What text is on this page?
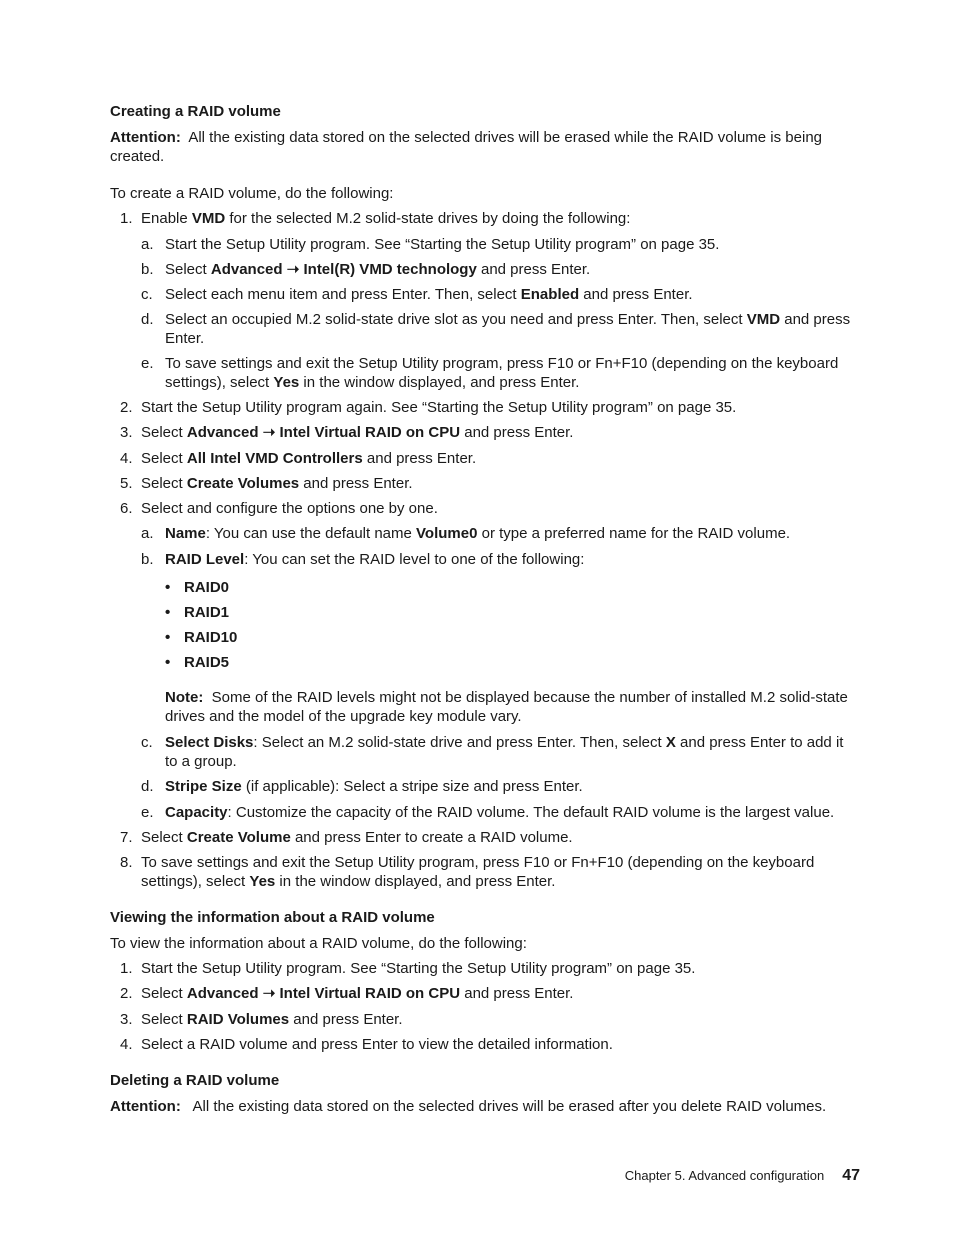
Creating a RAID volume

Attention: All the existing data stored on the selected drives will be erased while the RAID volume is being created.

To create a RAID volume, do the following:

1. Enable VMD for the selected M.2 solid-state drives by doing the following:
a. Start the Setup Utility program. See “Starting the Setup Utility program” on page 35.
b. Select Advanced ➝ Intel(R) VMD technology and press Enter.
c. Select each menu item and press Enter. Then, select Enabled and press Enter.
d. Select an occupied M.2 solid-state drive slot as you need and press Enter. Then, select VMD and press Enter.
e. To save settings and exit the Setup Utility program, press F10 or Fn+F10 (depending on the keyboard settings), select Yes in the window displayed, and press Enter.
2. Start the Setup Utility program again. See “Starting the Setup Utility program” on page 35.
3. Select Advanced ➝ Intel Virtual RAID on CPU and press Enter.
4. Select All Intel VMD Controllers and press Enter.
5. Select Create Volumes and press Enter.
6. Select and configure the options one by one.
a. Name: You can use the default name Volume0 or type a preferred name for the RAID volume.
b. RAID Level: You can set the RAID level to one of the following:
• RAID0
• RAID1
• RAID10
• RAID5

Note: Some of the RAID levels might not be displayed because the number of installed M.2 solid-state drives and the model of the upgrade key module vary.

c. Select Disks: Select an M.2 solid-state drive and press Enter. Then, select X and press Enter to add it to a group.
d. Stripe Size (if applicable): Select a stripe size and press Enter.
e. Capacity: Customize the capacity of the RAID volume. The default RAID volume is the largest value.
7. Select Create Volume and press Enter to create a RAID volume.
8. To save settings and exit the Setup Utility program, press F10 or Fn+F10 (depending on the keyboard settings), select Yes in the window displayed, and press Enter.
Viewing the information about a RAID volume

To view the information about a RAID volume, do the following:

1. Start the Setup Utility program. See “Starting the Setup Utility program” on page 35.
2. Select Advanced ➝ Intel Virtual RAID on CPU and press Enter.
3. Select RAID Volumes and press Enter.
4. Select a RAID volume and press Enter to view the detailed information.
Deleting a RAID volume

Attention: All the existing data stored on the selected drives will be erased after you delete RAID volumes.

Chapter 5. Advanced configuration 47
